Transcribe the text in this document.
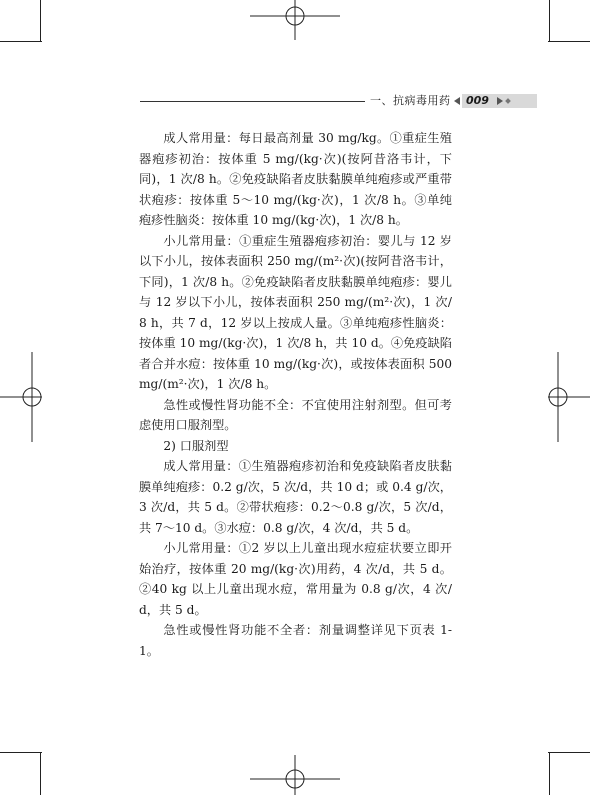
一、抗病毒用药 009

成人常用量：每日最高剂量 30 mg/kg。①重症生殖器疱疹初治：按体重 5 mg/(kg·次)(按阿昔洛韦计，下同)，1 次/8 h。②免疫缺陷者皮肤黏膜单纯疱疹或严重带状疱疹：按体重 5～10 mg/(kg·次)，1 次/8 h。③单纯疱疹性脑炎：按体重 10 mg/(kg·次)，1 次/8 h。

小儿常用量：①重症生殖器疱疹初治：婴儿与 12 岁以下小儿，按体表面积 250 mg/(m²·次)(按阿昔洛韦计，下同)，1 次/8 h。②免疫缺陷者皮肤黏膜单纯疱疹：婴儿与 12 岁以下小儿，按体表面积 250 mg/(m²·次)，1 次/8 h，共 7 d，12 岁以上按成人量。③单纯疱疹性脑炎：按体重 10 mg/(kg·次)，1 次/8 h，共 10 d。④免疫缺陷者合并水痘：按体重 10 mg/(kg·次)，或按体表面积 500 mg/(m²·次)，1 次/8 h。

急性或慢性肾功能不全：不宜使用注射剂型。但可考虑使用口服剂型。

2) 口服剂型

成人常用量：①生殖器疱疹初治和免疫缺陷者皮肤黏膜单纯疱疹：0.2 g/次，5 次/d，共 10 d；或 0.4 g/次，3 次/d，共 5 d。②带状疱疹：0.2～0.8 g/次，5 次/d，共 7～10 d。③水痘：0.8 g/次，4 次/d，共 5 d。

小儿常用量：①2 岁以上儿童出现水痘症状要立即开始治疗，按体重 20 mg/(kg·次)用药，4 次/d，共 5 d。②40 kg 以上儿童出现水痘，常用量为 0.8 g/次，4 次/d，共 5 d。

急性或慢性肾功能不全者：剂量调整详见下页表 1-1。
